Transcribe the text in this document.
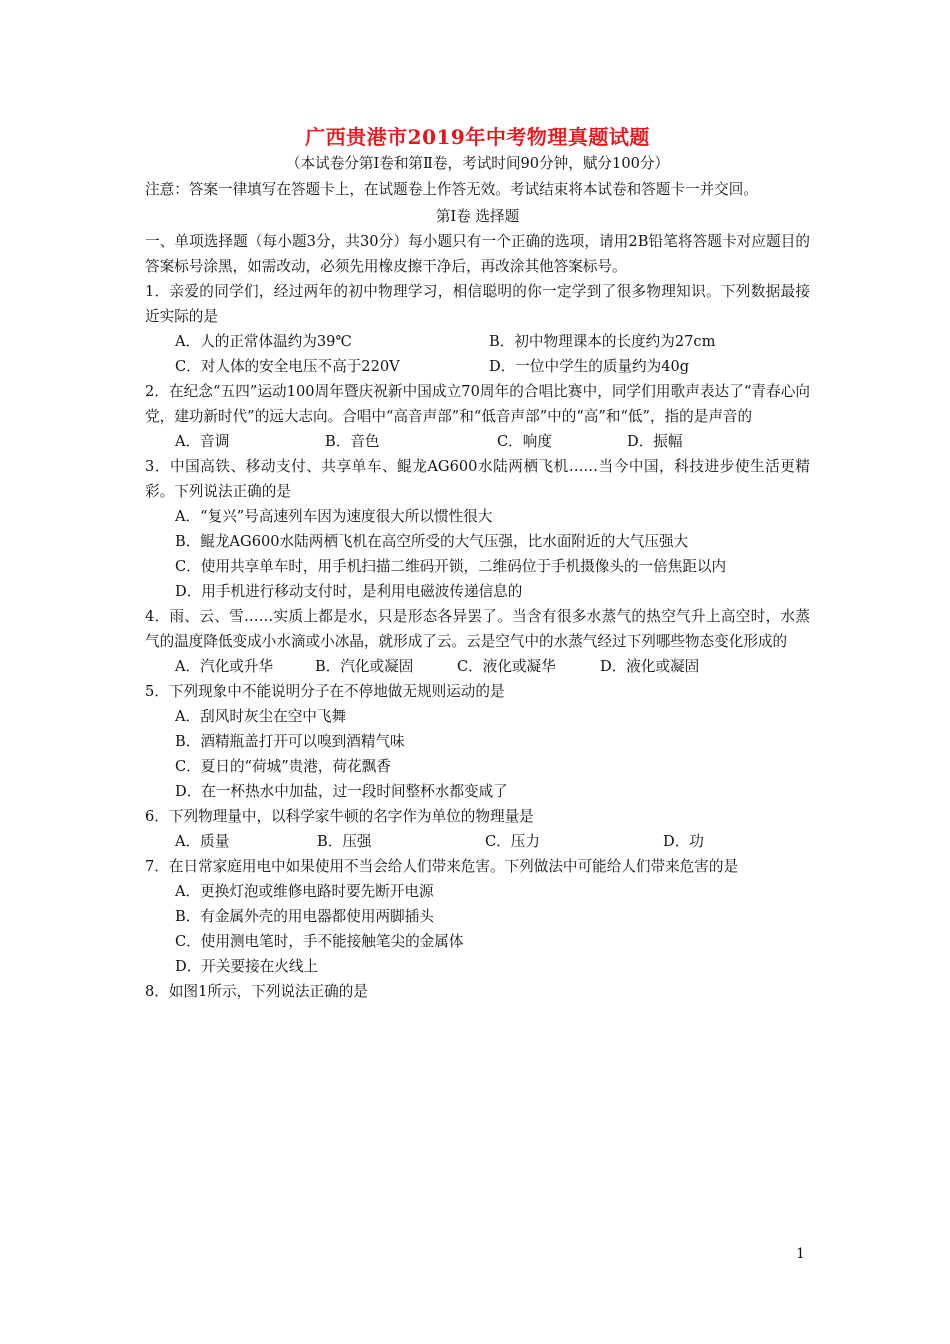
广西贵港市2019年中考物理真题试题
（本试卷分第Ⅰ卷和第Ⅱ卷，考试时间90分钟，赋分100分）
注意：答案一律填写在答题卡上，在试题卷上作答无效。考试结束将本试卷和答题卡一并交回。
第Ⅰ卷 选择题
一、单项选择题（每小题3分，共30分）每小题只有一个正确的选项，请用2B铅笔将答题卡对应题目的答案标号涂黑，如需改动，必须先用橡皮擦干净后，再改涂其他答案标号。
1．亲爱的同学们，经过两年的初中物理学习，相信聪明的你一定学到了很多物理知识。下列数据最接近实际的是
A．人的正常体温约为39℃	B．初中物理课本的长度约为27cm
C．对人体的安全电压不高于220V	D．一位中学生的质量约为40g
2．在纪念“五四”运动100周年暨庆祝新中国成立70周年的合唱比赛中，同学们用歌声表达了“青春心向党，建功新时代”的远大志向。合唱中“高音声部”和“低音声部”中的“高”和“低”，指的是声音的
A．音调	B．音色	C．响度	D．振幅
3．中国高铁、移动支付、共享单车、鲲龙AG600水陆两栖飞机……当今中国，科技进步使生活更精彩。下列说法正确的是
A．“复兴”号高速列车因为速度很大所以惯性很大
B．鲲龙AG600水陆两栖飞机在高空所受的大气压强，比水面附近的大气压强大
C．使用共享单车时，用手机扫描二维码开锁，二维码位于手机摄像头的一倍焦距以内
D．用手机进行移动支付时，是利用电磁波传递信息的
4．雨、云、雪……实质上都是水，只是形态各异罢了。当含有很多水蒸气的热空气升上高空时，水蒸气的温度降低变成小水滴或小冰晶，就形成了云。云是空气中的水蒸气经过下列哪些物态变化形成的
A．汽化或升华	B．汽化或凝固	C．液化或凝华	D．液化或凝固
5．下列现象中不能说明分子在不停地做无规则运动的是
A．刮风时灰尘在空中飞舞
B．酒精瓶盖打开可以嗅到酒精气味
C．夏日的“荷城”贵港，荷花飘香
D．在一杯热水中加盐，过一段时间整杯水都变咸了
6．下列物理量中，以科学家牛顿的名字作为单位的物理量是
A．质量	B．压强	C．压力	D．功
7．在日常家庭用电中如果使用不当会给人们带来危害。下列做法中可能给人们带来危害的是
A．更换灯泡或维修电路时要先断开电源
B．有金属外壳的用电器都使用两脚插头
C．使用测电笔时，手不能接触笔尖的金属体
D．开关要接在火线上
8．如图1所示，下列说法正确的是
1
